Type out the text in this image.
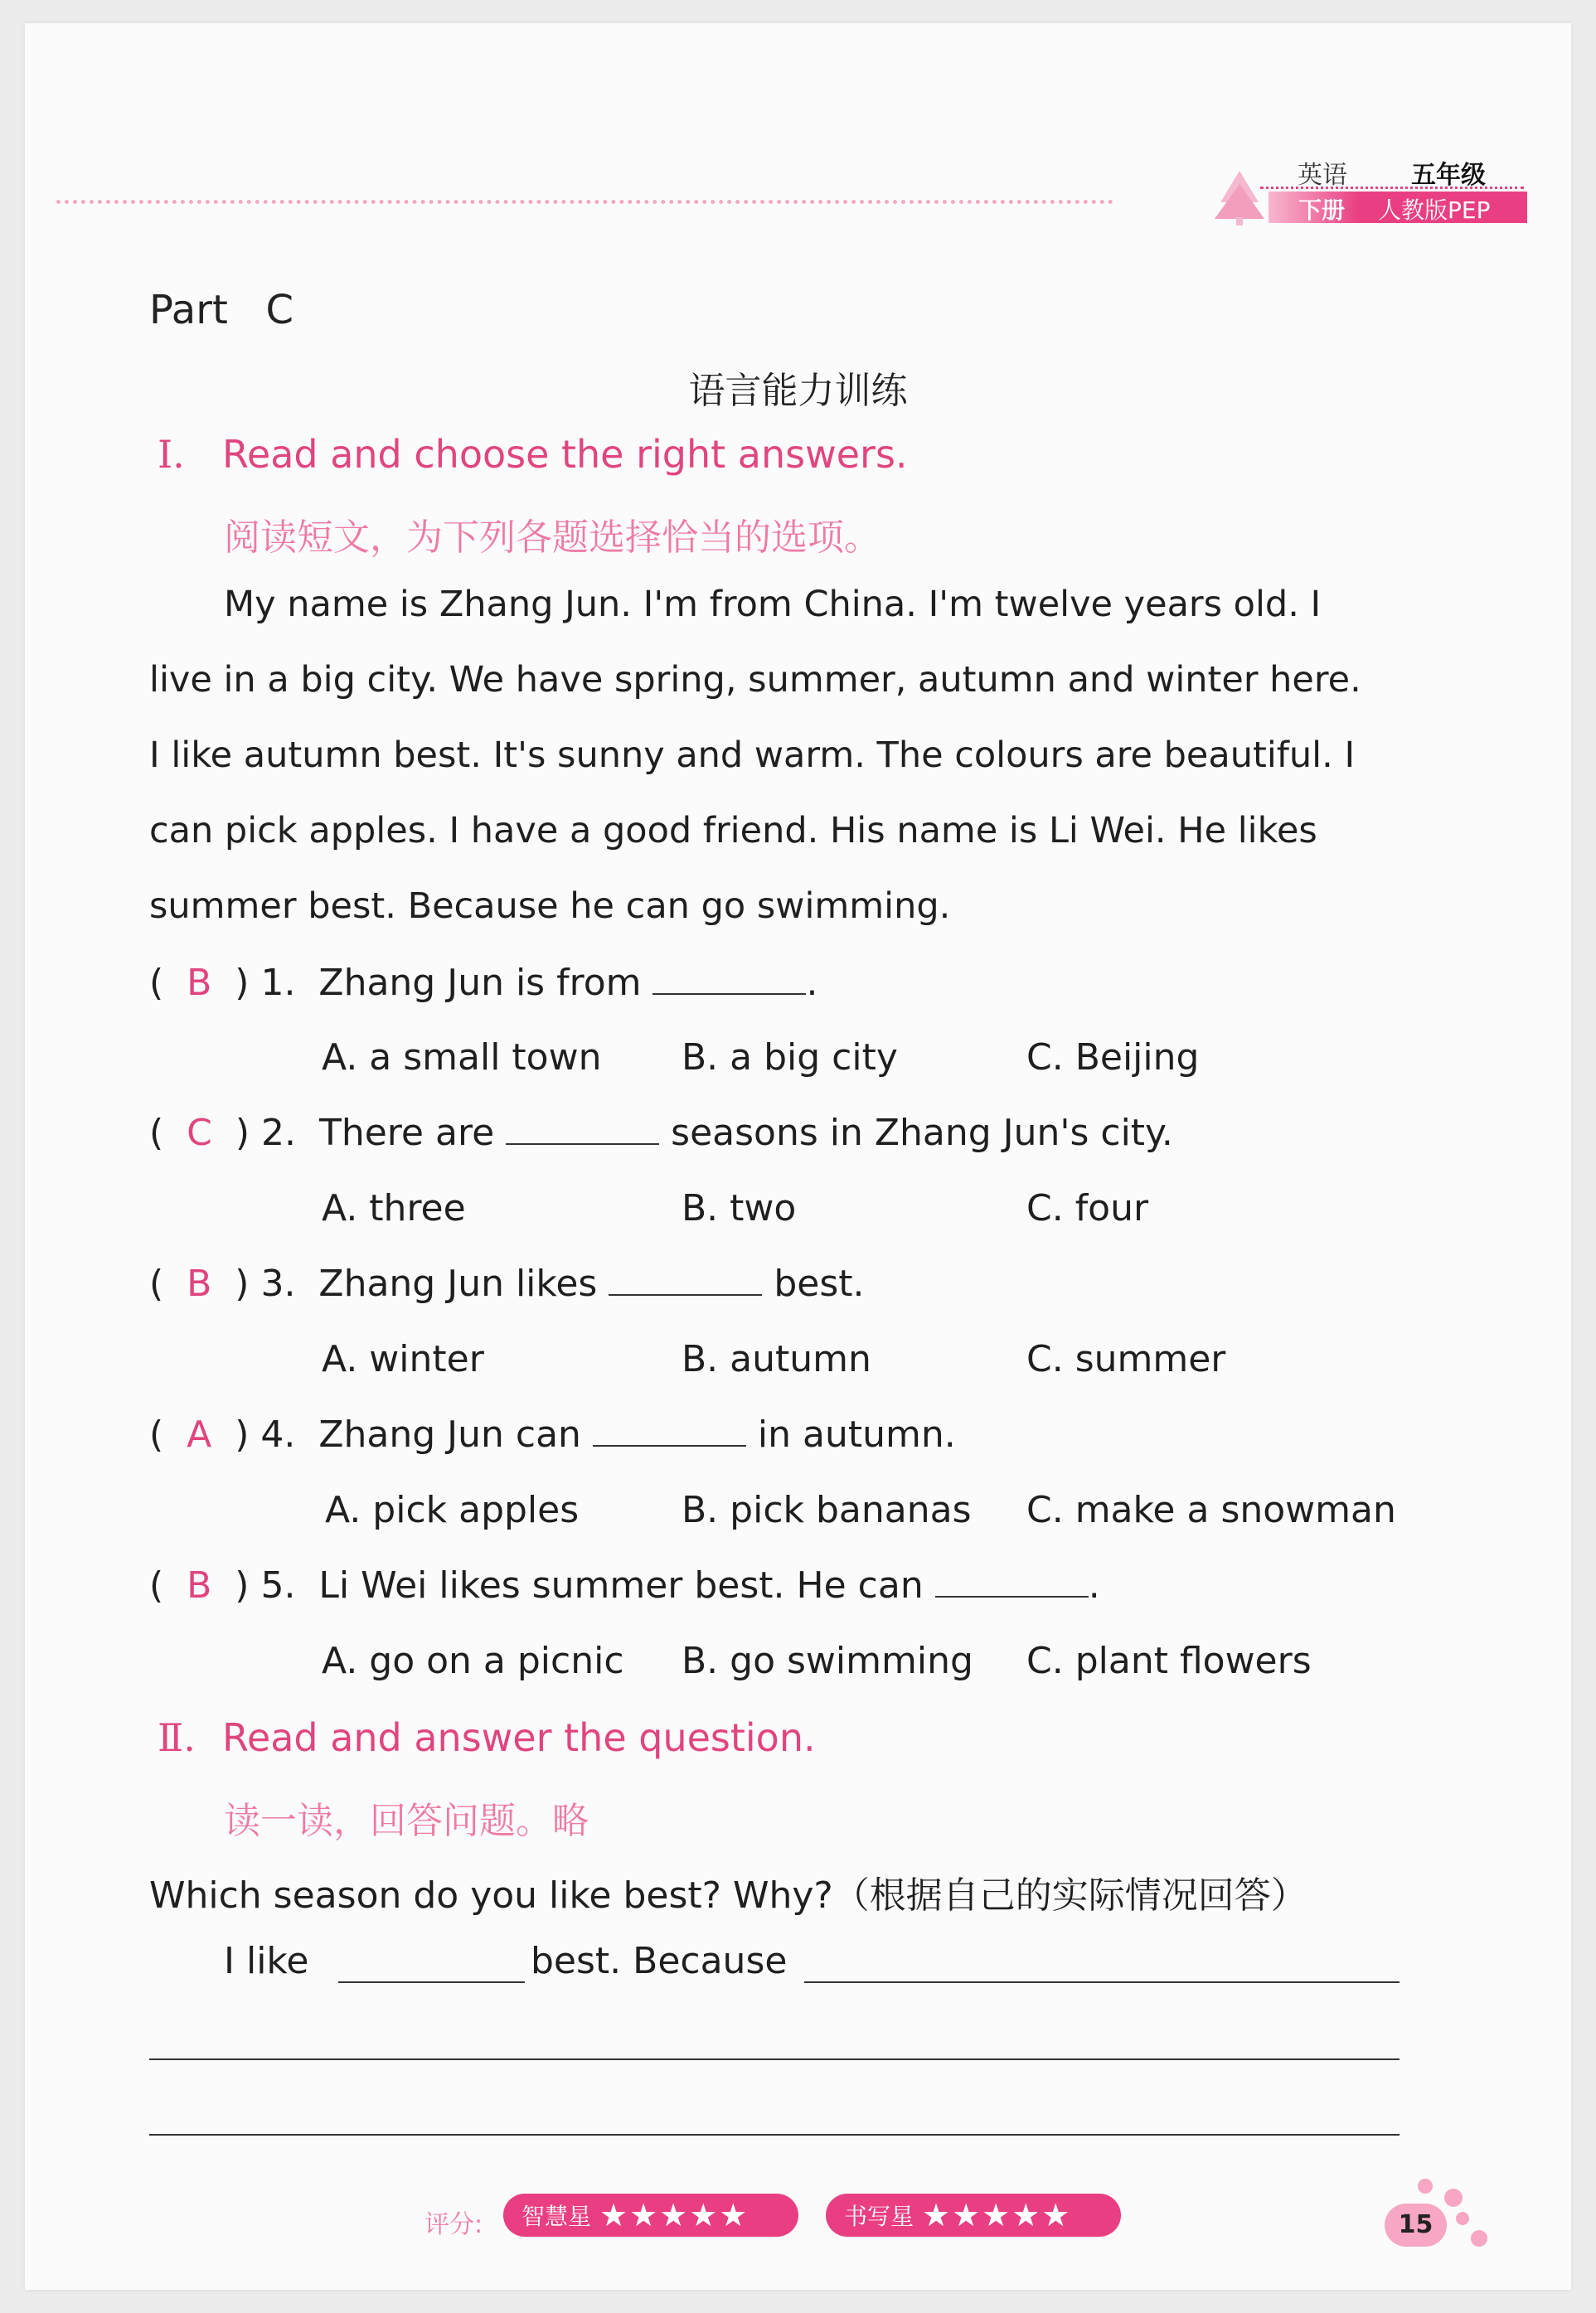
英语	五年级
下册 人教版PEP
Part   C
语言能力训练
Ⅰ. Read and choose the right answers.
阅读短文，为下列各题选择恰当的选项。
My name is Zhang Jun. I'm from China. I'm twelve years old. I
live in a big city. We have spring, summer, autumn and winter here.
I like autumn best. It's sunny and warm. The colours are beautiful. I
can pick apples. I have a good friend. His name is Li Wei. He likes
summer best. Because he can go swimming.
(  B  ) 1. Zhang Jun is from	.
A. a small town B. a big city	C. Beijing
(  C  ) 2. There are	seasons in Zhang Jun's city.
A. three	B. two	C. four
(  B  ) 3. Zhang Jun likes	best.
A. winter	B. autumn	C. summer
(  A  ) 4. Zhang Jun can	in autumn.
A. pick apples	B. pick bananas C. make a snowman
(  B  ) 5. Li Wei likes summer best. He can	.
A. go on a picnic B. go swimming C. plant flowers
Ⅱ. Read and answer the question.
读一读，回答问题。略
Which season do you like best? Why?（根据自己的实际情况回答）
I like	best. Because
评分: 智慧星 ★★★★★	书写星 ★★★★★	15
